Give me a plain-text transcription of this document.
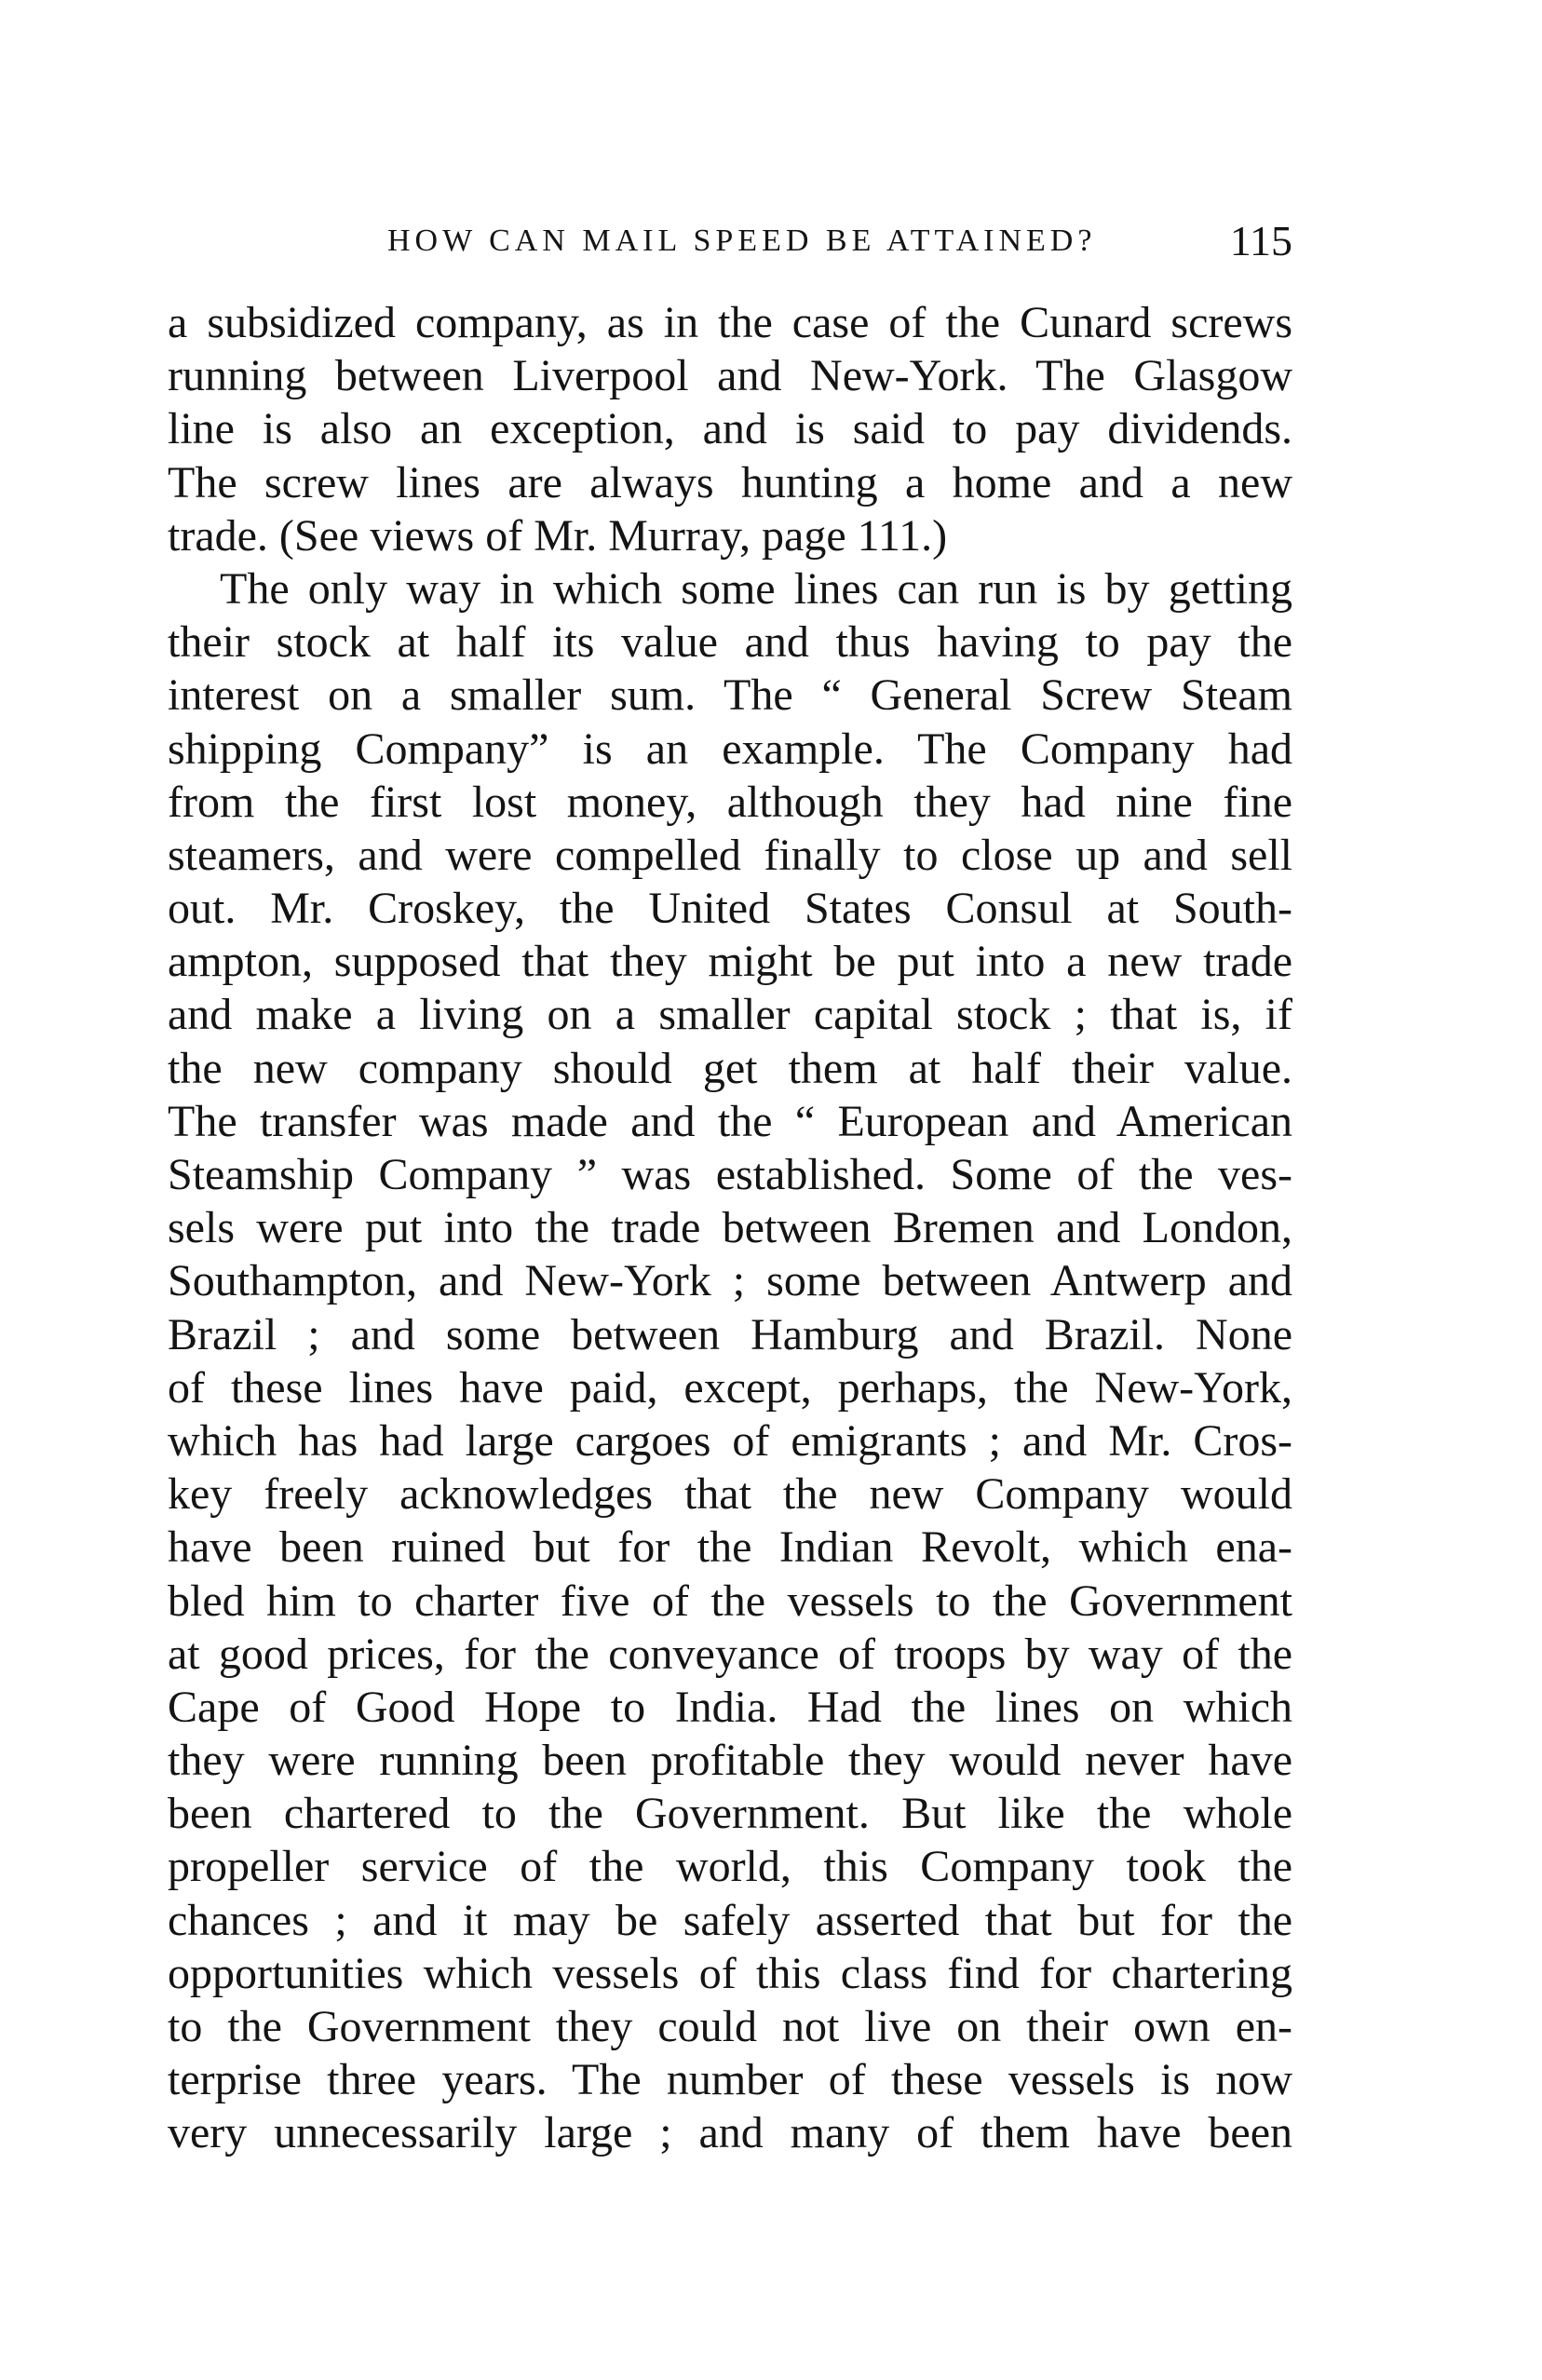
HOW CAN MAIL SPEED BE ATTAINED?	115
a subsidized company, as in the case of the Cunard screws
running between Liverpool and New-York. The Glasgow
line is also an exception, and is said to pay dividends.
The screw lines are always hunting a home and a new
trade. (See views of Mr. Murray, page 111.)
The only way in which some lines can run is by getting
their stock at half its value and thus having to pay the
interest on a smaller sum. The “ General Screw Steam
shipping Company” is an example. The Company had
from the first lost money, although they had nine fine
steamers, and were compelled finally to close up and sell
out. Mr. Croskey, the United States Consul at South-
ampton, supposed that they might be put into a new trade
and make a living on a smaller capital stock ; that is, if
the new company should get them at half their value.
The transfer was made and the “ European and American
Steamship Company ” was established. Some of the ves-
sels were put into the trade between Bremen and London,
Southampton, and New-York ; some between Antwerp and
Brazil ; and some between Hamburg and Brazil. None
of these lines have paid, except, perhaps, the New-York,
which has had large cargoes of emigrants ; and Mr. Cros-
key freely acknowledges that the new Company would
have been ruined but for the Indian Revolt, which ena-
bled him to charter five of the vessels to the Government
at good prices, for the conveyance of troops by way of the
Cape of Good Hope to India. Had the lines on which
they were running been profitable they would never have
been chartered to the Government. But like the whole
propeller service of the world, this Company took the
chances ; and it may be safely asserted that but for the
opportunities which vessels of this class find for chartering
to the Government they could not live on their own en-
terprise three years. The number of these vessels is now
very unnecessarily large ; and many of them have been
